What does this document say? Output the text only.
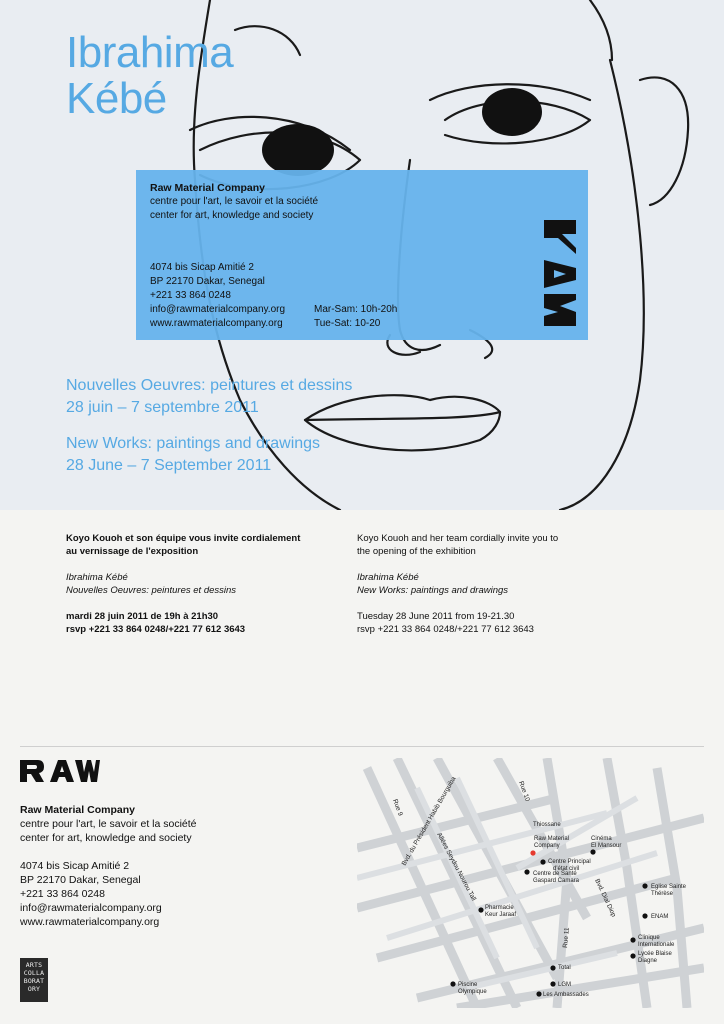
Ibrahima
Kébé
Raw Material Company
centre pour l'art, le savoir et la société
center for art, knowledge and society
4074 bis Sicap Amitié 2
BP 22170 Dakar, Senegal
+221 33 864 0248
info@rawmaterialcompany.org
www.rawmaterialcompany.org
Mar-Sam: 10h-20h
Tue-Sat: 10-20
Nouvelles Oeuvres: peintures et dessins
28 juin – 7 septembre 2011
New Works: paintings and drawings
28 June – 7 September 2011
Koyo Kouoh et son équipe vous invite cordialement
au vernissage de l'exposition
Ibrahima Kébé
Nouvelles Oeuvres: peintures et dessins
mardi 28 juin 2011 de 19h à 21h30
rsvp +221 33 864 0248/+221 77 612 3643
Koyo Kouoh and her team cordially invite you to
the opening of the exhibition
Ibrahima Kébé
New Works: paintings and drawings
Tuesday 28 June 2011 from 19-21.30
rsvp +221 33 864 0248/+221 77 612 3643
Raw Material Company
centre pour l'art, le savoir et la société
center for art, knowledge and society
4074 bis Sicap Amitié 2
BP 22170 Dakar, Senegal
+221 33 864 0248
info@rawmaterialcompany.org
www.rawmaterialcompany.org
ARTS
COLLA
BORAT
ORY
Rue 9
Bvd. du Président Habib Bourguiba	Rue 10
Allées Seydou Nourou Tall
Rue 11
Bvd. Dial Diop
Thiossane
Raw Material
Company
Cinéma
El Mansour
Centre Principal
d'état civil
Centre de Santé
Gaspard Camara
Eglise Sainte
Thérèse
Pharmacie
Keur Jaraaf	ENAM
Clinique
Internationale
Lycée Blaise
Diagne
Total
Piscine
Olympique
LGM
Les Ambassades
